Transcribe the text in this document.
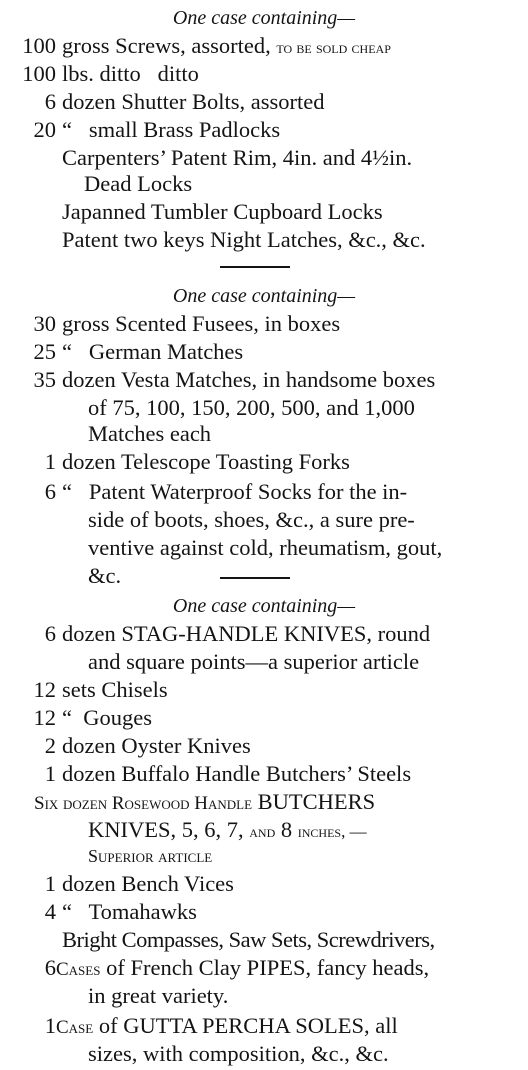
One case containing—
100 gross Screws, assorted, to be sold cheap
100 lbs. ditto   ditto
6 dozen Shutter Bolts, assorted
20 “   small Brass Padlocks
Carpenters’ Patent Rim, 4in. and 4½in.
Dead Locks
Japanned Tumbler Cupboard Locks
Patent two keys Night Latches, &c., &c.
One case containing—
30 gross Scented Fusees, in boxes
25 “   German Matches
35 dozen Vesta Matches, in handsome boxes
of 75, 100, 150, 200, 500, and 1,000
Matches each
1 dozen Telescope Toasting Forks
6 “   Patent Waterproof Socks for the in-
side of boots, shoes, &c., a sure pre-
ventive against cold, rheumatism, gout,
&c.
One case containing—
6 dozen STAG-HANDLE KNIVES, round
and square points—a superior article
12 sets Chisels
12 “  Gouges
2 dozen Oyster Knives
1 dozen Buffalo Handle Butchers’ Steels
Six dozen Rosewood Handle BUTCHERS
KNIVES, 5, 6, 7, and 8 inches, —
Superior article
1 dozen Bench Vices
4 “   Tomahawks
Bright Compasses, Saw Sets, Screwdrivers,
6 Cases of French Clay PIPES, fancy heads,
in great variety.
1 Case of GUTTA PERCHA SOLES, all
sizes, with composition, &c., &c.
